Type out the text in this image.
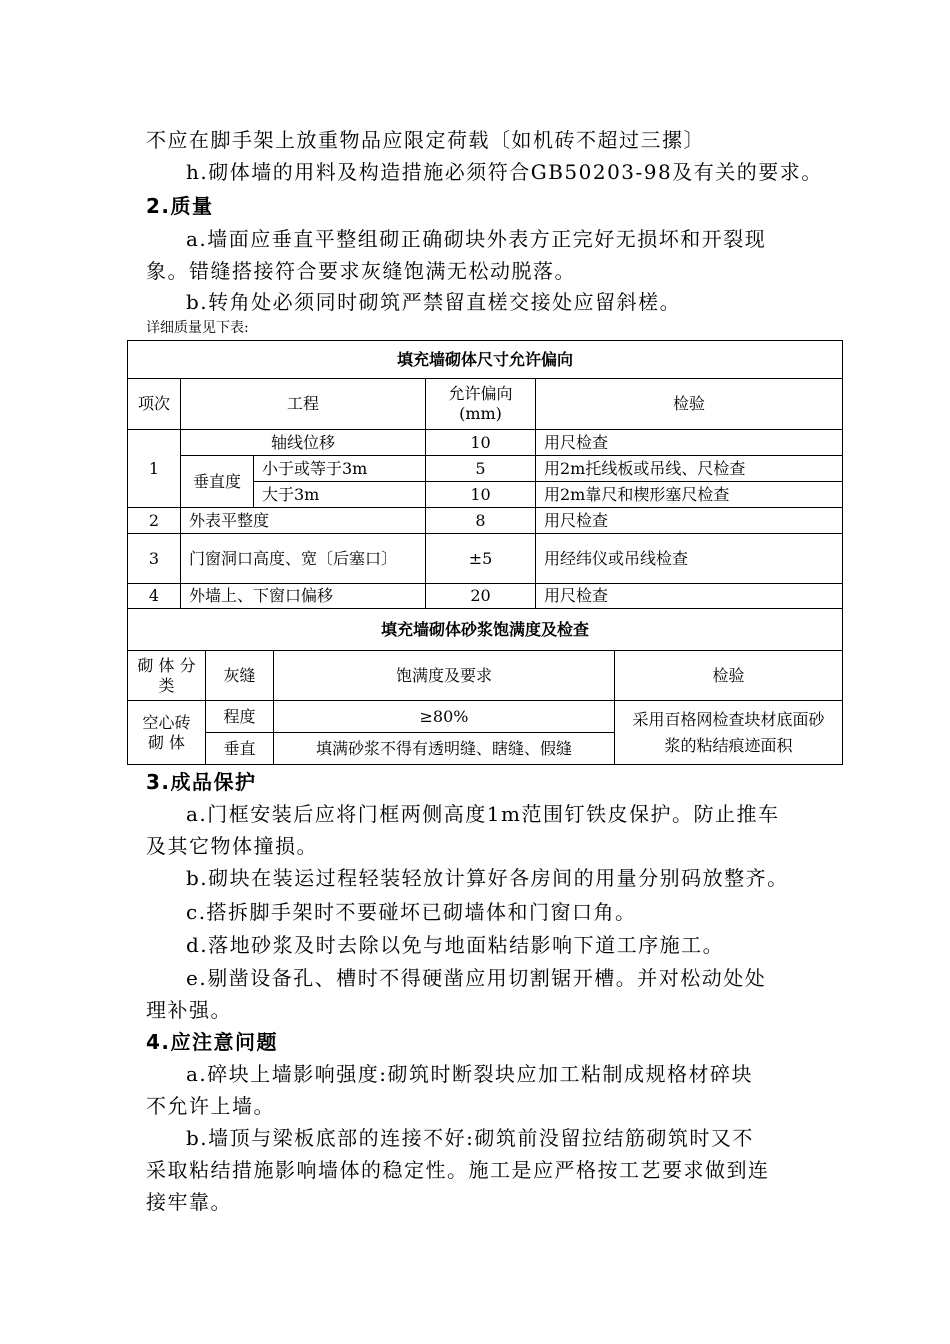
不应在脚手架上放重物品应限定荷载〔如机砖不超过三摞〕
h.砌体墙的用料及构造措施必须符合GB50203-98及有关的要求。
2.质量
a.墙面应垂直平整组砌正确砌块外表方正完好无损坏和开裂现
象。错缝搭接符合要求灰缝饱满无松动脱落。
b.转角处必须同时砌筑严禁留直槎交接处应留斜槎。
详细质量见下表:
填充墙砌体尺寸允许偏向				
项次	工程		允许偏向(mm)	检验
1	轴线位移		10	用尺检查
	垂直度	小于或等于3m	5	用2m托线板或吊线、尺检查
		大于3m	10	用2m靠尺和楔形塞尺检查
2	外表平整度		8	用尺检查
3	门窗洞口高度、宽〔后塞口〕		±5	用经纬仪或吊线检查
4	外墙上、下窗口偏移		20	用尺检查
填充墙砌体砂浆饱满度及检查			
砌 体 分 类	灰缝	饱满度及要求	检验
空心砖 砌 体	程度	≥80%	采用百格网检查块材底面砂浆的粘结痕迹面积
	垂直	填满砂浆不得有透明缝、瞎缝、假缝	
3.成品保护
a.门框安装后应将门框两侧高度1m范围钉铁皮保护。防止推车
及其它物体撞损。
b.砌块在装运过程轻装轻放计算好各房间的用量分别码放整齐。
c.搭拆脚手架时不要碰坏已砌墙体和门窗口角。
d.落地砂浆及时去除以免与地面粘结影响下道工序施工。
e.剔凿设备孔、槽时不得硬凿应用切割锯开槽。并对松动处处
理补强。
4.应注意问题
a.碎块上墙影响强度:砌筑时断裂块应加工粘制成规格材碎块
不允许上墙。
b.墙顶与梁板底部的连接不好:砌筑前没留拉结筋砌筑时又不
采取粘结措施影响墙体的稳定性。施工是应严格按工艺要求做到连
接牢靠。
